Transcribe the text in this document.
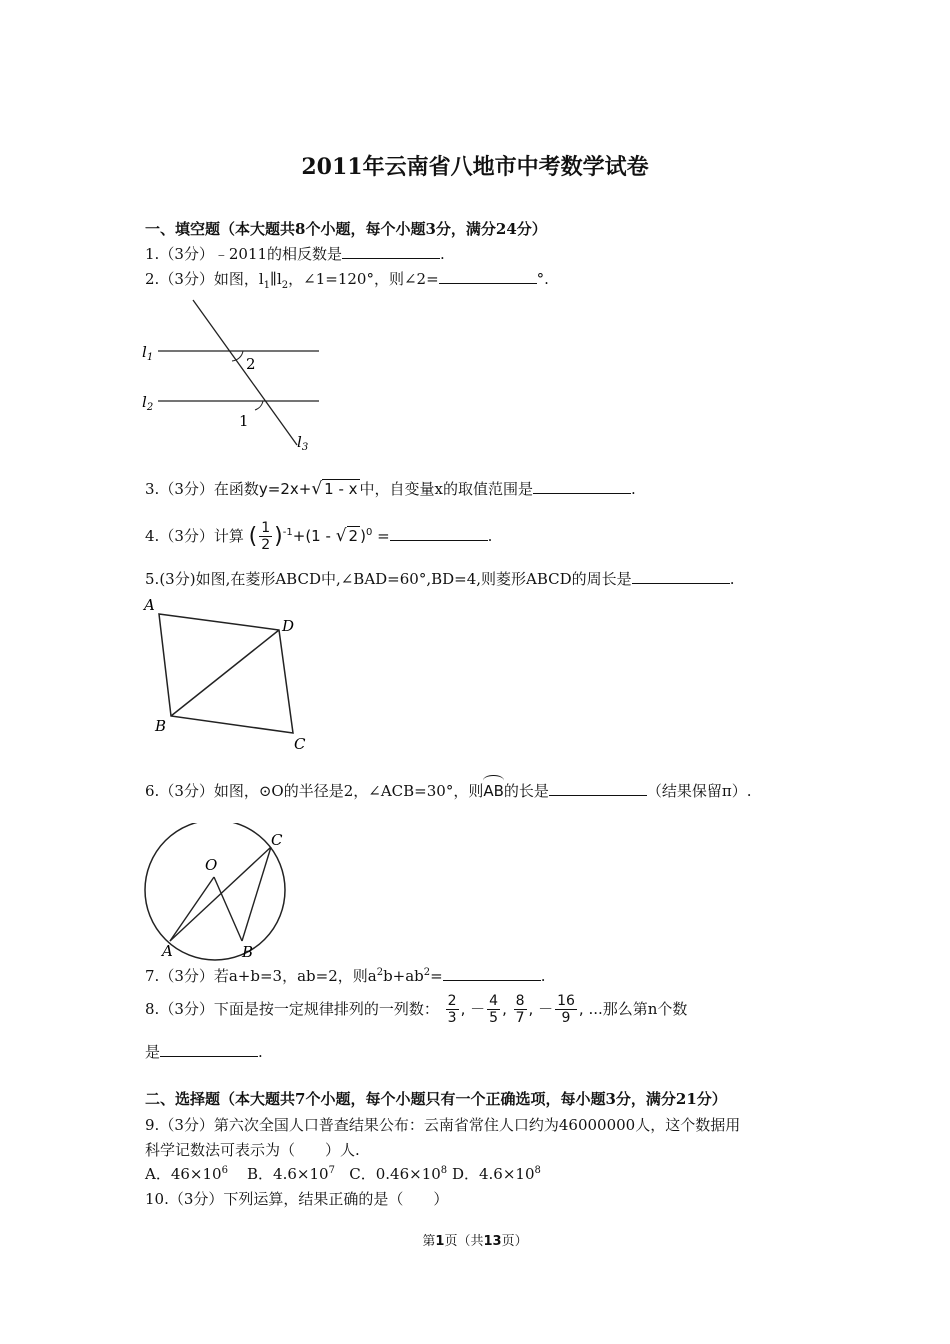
2011年云南省八地市中考数学试卷
一、填空题（本大题共8个小题，每个小题3分，满分24分）
1.（3分）﹣2011的相反数是	.
2.（3分）如图，$l_1\parallel l_2$，∠1=120°，则∠2=	°.
$l_1$
$l_2$
$l_3$
2
1
3.（3分）在函数y=2x+√ 1 - x 中，自变量x的取值范围是	.
4.（3分）计算 ( $\frac{1}{2} )^{-1}+(1$ - √ 2 )$^0$ =	.
5.(3分)如图,在菱形ABCD中,∠BAD=60°,BD=4,则菱形ABCD的周长是	.
A
D
B
C
6.（3分）如图，⊙O的半径是2，∠ACB=30°，则AB的长是	（结果保留π）.
O
A	B
C
7.（3分）若a+b=3，ab=2，则$a^2b+ab^2=$	.
8.（3分）下面是按一定规律排列的一列数： $\frac{2}{3}$ , － $\frac{4}{5}$ , $\frac{8}{7}$ , － $\frac{16}{9}$ , ...那么第n个数
是	.
二、选择题（本大题共7个小题，每个小题只有一个正确选项，每小题3分，满分21分）
9.（3分）第六次全国人口普查结果公布：云南省常住人口约为46000000人，这个数据用
科学记数法可表示为（　　）人.
A．$46\times 10^6$ B．$4.6\times 10^7$ C．$0.46\times 10^8$ D．$4.6\times 10^8$
10.（3分）下列运算，结果正确的是（　　）
第1页（共13页）
